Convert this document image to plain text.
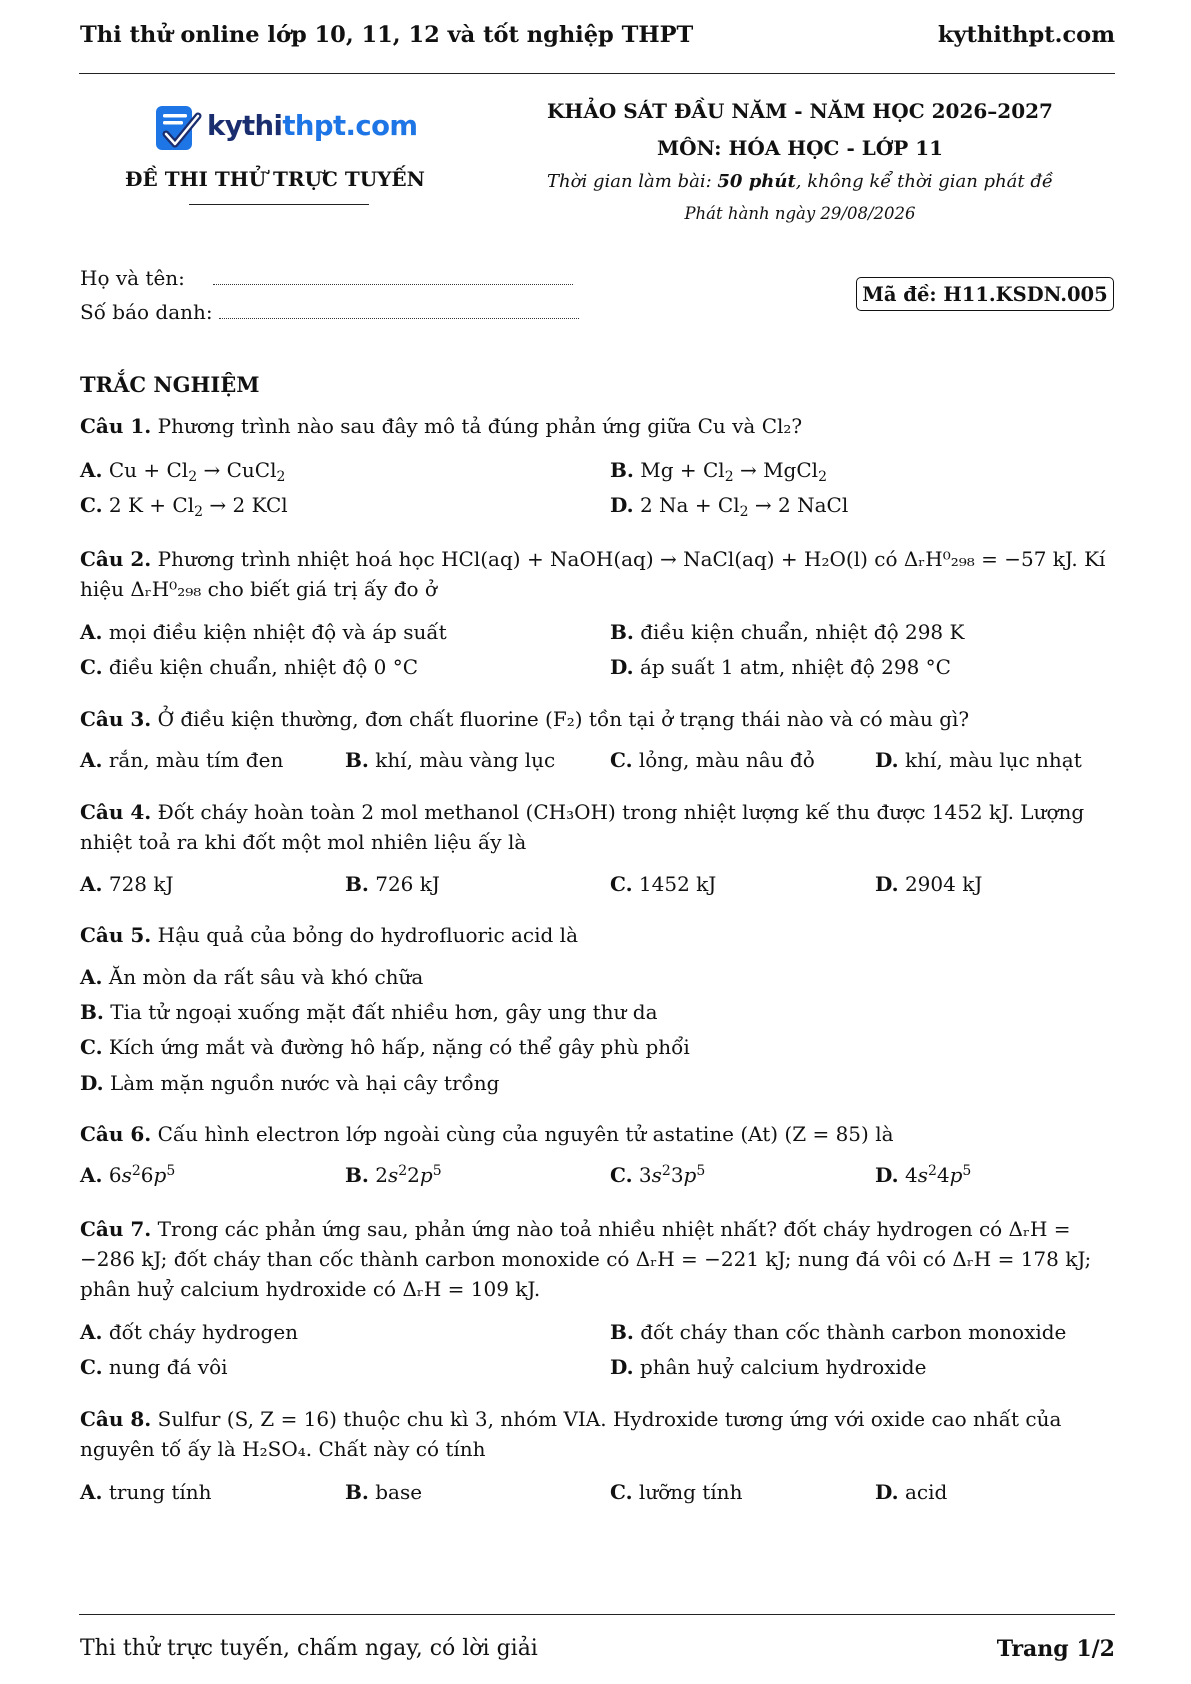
Thi thử online lớp 10, 11, 12 và tốt nghiệp THPT	kythithpt.com
kythithpt.com
ĐỀ THI THỬ TRỰC TUYẾN
KHẢO SÁT ĐẦU NĂM - NĂM HỌC 2026–2027
MÔN: HÓA HỌC - LỚP 11
Thời gian làm bài: 50 phút, không kể thời gian phát đề
Phát hành ngày 29/08/2026
Họ và tên:
Số báo danh:
Mã đề: H11.KSDN.005
TRẮC NGHIỆM
Câu 1. Phương trình nào sau đây mô tả đúng phản ứng giữa Cu và Cl₂?
A. $Cu + Cl_2$ → CuCl$_2$	B. $Mg + Cl_2$ → MgCl$_2$
C. 2 $K + Cl_2 \to 2$ KCl	D. 2 $Na + Cl_2 \to 2$ NaCl
Câu 2. Phương trình nhiệt hoá học HCl(aq) + NaOH(aq) → NaCl(aq) + H₂O(l) có ΔᵣH⁰₂₉₈ = −57 kJ. Kí hiệu ΔᵣH⁰₂₉₈ cho biết giá trị ấy đo ở
A. mọi điều kiện nhiệt độ và áp suất	B. điều kiện chuẩn, nhiệt độ 298 K
C. điều kiện chuẩn, nhiệt độ 0 °C	D. áp suất 1 atm, nhiệt độ 298 °C
Câu 3. Ở điều kiện thường, đơn chất fluorine (F₂) tồn tại ở trạng thái nào và có màu gì?
A. rắn, màu tím đen	B. khí, màu vàng lục	C. lỏng, màu nâu đỏ	D. khí, màu lục nhạt
Câu 4. Đốt cháy hoàn toàn 2 mol methanol (CH₃OH) trong nhiệt lượng kế thu được 1452 kJ. Lượng nhiệt toả ra khi đốt một mol nhiên liệu ấy là
A. 728 kJ	B. 726 kJ	C. 1452 kJ	D. 2904 kJ
Câu 5. Hậu quả của bỏng do hydrofluoric acid là
A. Ăn mòn da rất sâu và khó chữa
B. Tia tử ngoại xuống mặt đất nhiều hơn, gây ung thư da
C. Kích ứng mắt và đường hô hấp, nặng có thể gây phù phổi
D. Làm mặn nguồn nước và hại cây trồng
Câu 6. Cấu hình electron lớp ngoài cùng của nguyên tử astatine (At) (Z = 85) là
A. $6s^26p^5$	B. $2s^22p^5$	C. $3s^23p^5$	D. $4s^24p^5$
Câu 7. Trong các phản ứng sau, phản ứng nào toả nhiều nhiệt nhất? đốt cháy hydrogen có ΔᵣH = −286 kJ; đốt cháy than cốc thành carbon monoxide có ΔᵣH = −221 kJ; nung đá vôi có ΔᵣH = 178 kJ; phân huỷ calcium hydroxide có ΔᵣH = 109 kJ.
A. đốt cháy hydrogen	B. đốt cháy than cốc thành carbon monoxide
C. nung đá vôi	D. phân huỷ calcium hydroxide
Câu 8. Sulfur (S, Z = 16) thuộc chu kì 3, nhóm VIA. Hydroxide tương ứng với oxide cao nhất của nguyên tố ấy là H₂SO₄. Chất này có tính
A. trung tính	B. base	C. lưỡng tính	D. acid
Thi thử trực tuyến, chấm ngay, có lời giải	Trang 1/2
